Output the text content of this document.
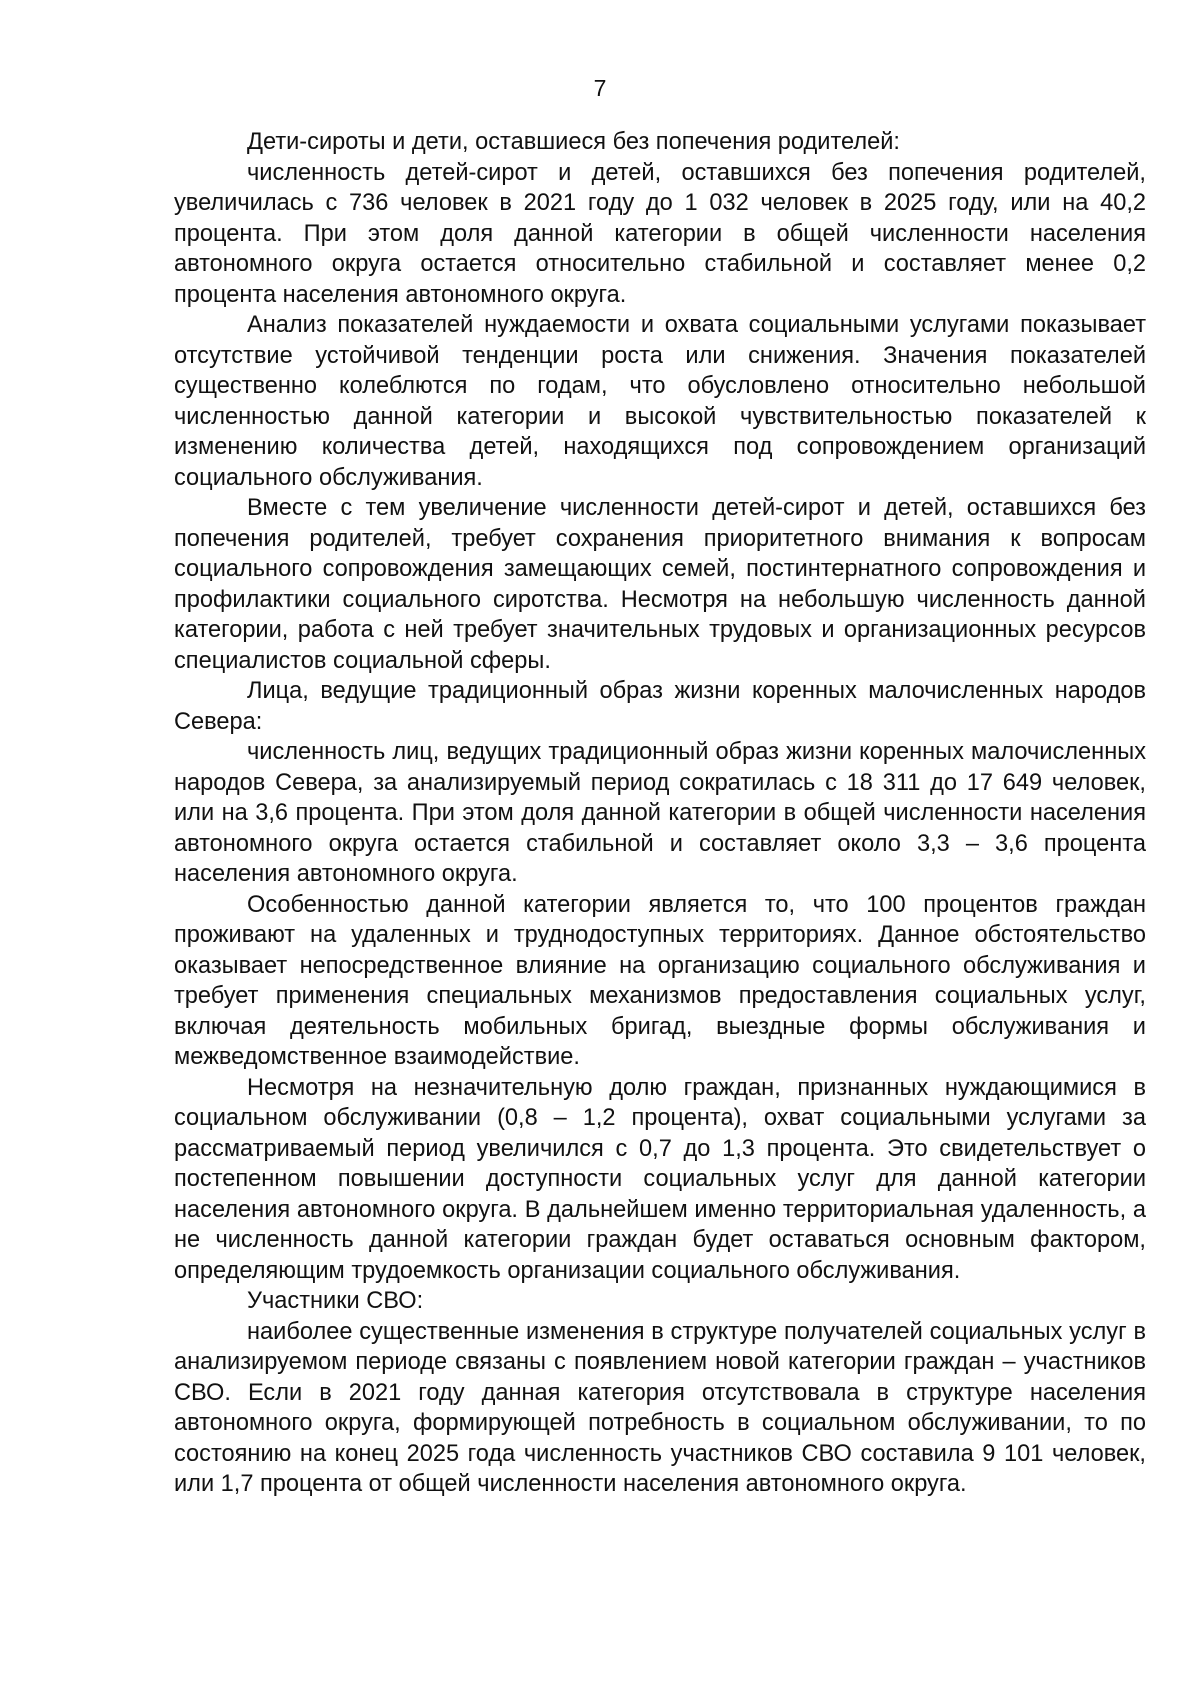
7

Дети-сироты и дети, оставшиеся без попечения родителей:

численность детей-сирот и детей, оставшихся без попечения родителей, увеличилась с 736 человек в 2021 году до 1 032 человек в 2025 году, или на 40,2 процента. При этом доля данной категории в общей численности населения автономного округа остается относительно стабильной и составляет менее 0,2 процента населения автономного округа.

Анализ показателей нуждаемости и охвата социальными услугами показывает отсутствие устойчивой тенденции роста или снижения. Значения показателей существенно колеблются по годам, что обусловлено относительно небольшой численностью данной категории и высокой чувствительностью показателей к изменению количества детей, находящихся под сопровождением организаций социального обслуживания.

Вместе с тем увеличение численности детей-сирот и детей, оставшихся без попечения родителей, требует сохранения приоритетного внимания к вопросам социального сопровождения замещающих семей, постинтернатного сопровождения и профилактики социального сиротства. Несмотря на небольшую численность данной категории, работа с ней требует значительных трудовых и организационных ресурсов специалистов социальной сферы.

Лица, ведущие традиционный образ жизни коренных малочисленных народов Севера:

численность лиц, ведущих традиционный образ жизни коренных малочисленных народов Севера, за анализируемый период сократилась с 18 311 до 17 649 человек, или на 3,6 процента. При этом доля данной категории в общей численности населения автономного округа остается стабильной и составляет около 3,3 – 3,6 процента населения автономного округа.

Особенностью данной категории является то, что 100 процентов граждан проживают на удаленных и труднодоступных территориях. Данное обстоятельство оказывает непосредственное влияние на организацию социального обслуживания и требует применения специальных механизмов предоставления социальных услуг, включая деятельность мобильных бригад, выездные формы обслуживания и межведомственное взаимодействие.

Несмотря на незначительную долю граждан, признанных нуждающимися в социальном обслуживании (0,8 – 1,2 процента), охват социальными услугами за рассматриваемый период увеличился с 0,7 до 1,3 процента. Это свидетельствует о постепенном повышении доступности социальных услуг для данной категории населения автономного округа. В дальнейшем именно территориальная удаленность, а не численность данной категории граждан будет оставаться основным фактором, определяющим трудоемкость организации социального обслуживания.

Участники СВО:

наиболее существенные изменения в структуре получателей социальных услуг в анализируемом периоде связаны с появлением новой категории граждан – участников СВО. Если в 2021 году данная категория отсутствовала в структуре населения автономного округа, формирующей потребность в социальном обслуживании, то по состоянию на конец 2025 года численность участников СВО составила 9 101 человек, или 1,7 процента от общей численности населения автономного округа.
